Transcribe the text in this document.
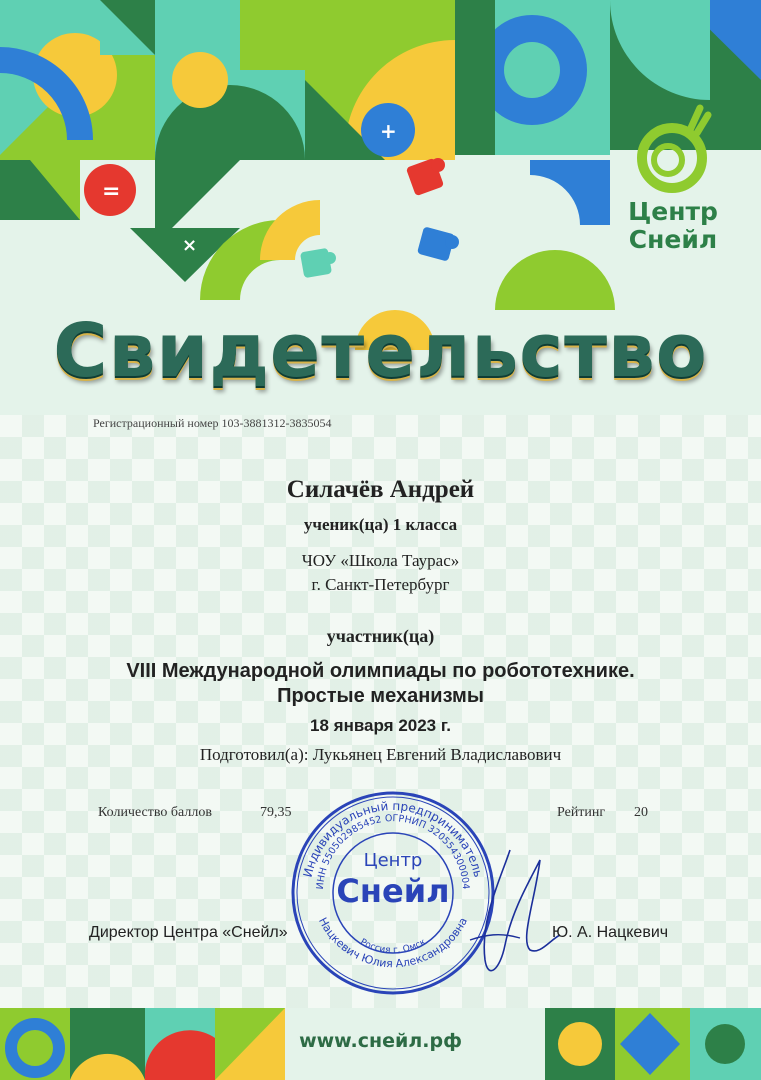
×
=
+
Свидетельство
Центр
Снейл
Регистрационный номер 103-3881312-3835054
Силачёв Андрей
ученик(ца) 1 класса
ЧОУ «Школа Таурас»
г. Санкт-Петербург
участник(ца)
VIII Международной олимпиады по робототехнике.
Простые механизмы
18 января 2023 г.
Подготовил(а): Лукьянец Евгений Владиславович
Количество баллов	79,35	Рейтинг 20
Индивидуальный предприниматель
ИНН 550502985452 ОГРНИП 320554300004
Нацкевич Юлия Александровна
Россия г. Омск
Центр
Снейл
Директор Центра «Снейл»	Ю. А. Нацкевич
www.снейл.рф
